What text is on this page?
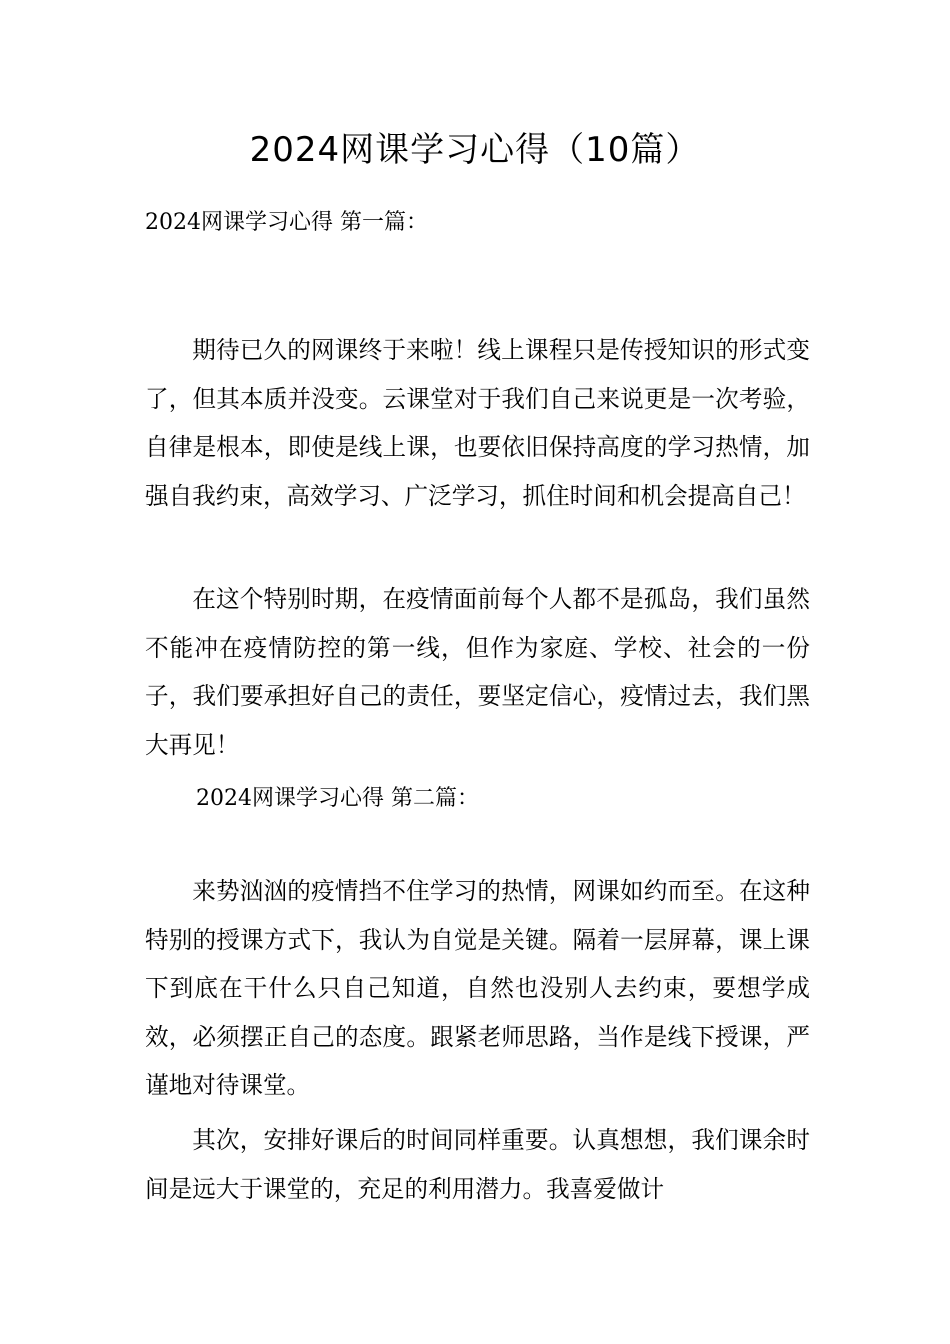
2024网课学习心得（10篇）
2024网课学习心得 第一篇：

期待已久的网课终于来啦！线上课程只是传授知识的形式变了，但其本质并没变。云课堂对于我们自己来说更是一次考验，自律是根本，即使是线上课，也要依旧保持高度的学习热情，加强自我约束，高效学习、广泛学习，抓住时间和机会提高自己！

在这个特别时期，在疫情面前每个人都不是孤岛，我们虽然不能冲在疫情防控的第一线，但作为家庭、学校、社会的一份子，我们要承担好自己的责任，要坚定信心，疫情过去，我们黑大再见！

2024网课学习心得 第二篇：

来势汹汹的疫情挡不住学习的热情，网课如约而至。在这种特别的授课方式下，我认为自觉是关键。隔着一层屏幕，课上课下到底在干什么只自己知道，自然也没别人去约束，要想学成效，必须摆正自己的态度。跟紧老师思路，当作是线下授课，严谨地对待课堂。

其次，安排好课后的时间同样重要。认真想想，我们课余时间是远大于课堂的，充足的利用潜力。我喜爱做计
